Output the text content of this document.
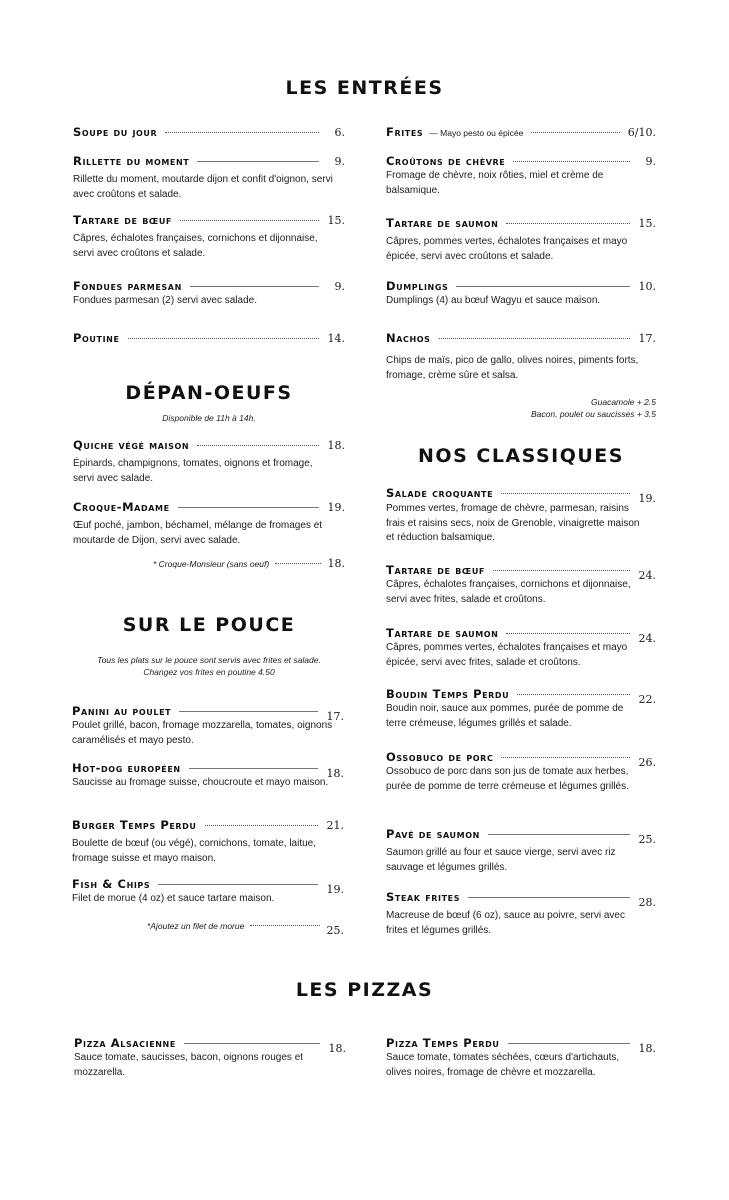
LES ENTRÉES
Soupe du jour	6.
Rillette du moment	9.
Rillette du moment, moutarde dijon et confit d'oignon, servi avec croûtons et salade.
Tartare de bœuf	15.
Câpres, échalotes françaises, cornichons et dijonnaise, servi avec croûtons et salade.
Fondues parmesan	9.
Fondues parmesan (2) servi avec salade.
Poutine	14.
Frites — Mayo pesto ou épicée	6/10.
Croûtons de chèvre	9.
Fromage de chèvre, noix rôties, miel et crème de balsamique.
Tartare de saumon	15.
Câpres, pommes vertes, échalotes françaises et mayo épicée, servi avec croûtons et salade.
Dumplings	10.
Dumplings (4) au bœuf Wagyu et sauce maison.
Nachos	17.
Chips de maïs, pico de gallo, olives noires, piments forts, fromage, crème sûre et salsa.
Guacamole + 2.5
Bacon, poulet ou saucisses + 3.5
DÉPAN-OEUFS
Disponible de 11h à 14h.
Quiche végé maison	18.
Épinards, champignons, tomates, oignons et fromage, servi avec salade.
Croque-Madame	19.
Œuf poché, jambon, béchamel, mélange de fromages et moutarde de Dijon, servi avec salade.
* Croque-Monsieur (sans oeuf)	18.
SUR LE POUCE
Tous les plats sur le pouce sont servis avec frites et salade.
Changez vos frites en poutine 4.50
Panini au poulet	17.
Poulet grillé, bacon, fromage mozzarella, tomates, oignons caramélisés et mayo pesto.
Hot-dog européen	18.
Saucisse au fromage suisse, choucroute et mayo maison.
Burger Temps Perdu	21.
Boulette de bœuf (ou végé), cornichons, tomate, laitue, fromage suisse et mayo maison.
Fish & Chips	19.
Filet de morue (4 oz) et sauce tartare maison.
*Ajoutez un filet de morue	25.
NOS CLASSIQUES
Salade croquante	19.
Pommes vertes, fromage de chèvre, parmesan, raisins frais et raisins secs, noix de Grenoble, vinaigrette maison et réduction balsamique.
Tartare de bœuf	24.
Câpres, échalotes françaises, cornichons et dijonnaise, servi avec frites, salade et croûtons.
Tartare de saumon	24.
Câpres, pommes vertes, échalotes françaises et mayo épicée, servi avec frites, salade et croûtons.
Boudin Temps Perdu	22.
Boudin noir, sauce aux pommes, purée de pomme de terre crémeuse, légumes grillés et salade.
Ossobuco de porc	26.
Ossobuco de porc dans son jus de tomate aux herbes, purée de pomme de terre crémeuse et légumes grillés.
Pavé de saumon	25.
Saumon grillé au four et sauce vierge, servi avec riz sauvage et légumes grillés.
Steak frites	28.
Macreuse de bœuf (6 oz), sauce au poivre, servi avec frites et légumes grillés.
LES PIZZAS
Pizza Alsacienne	18.
Sauce tomate, saucisses, bacon, oignons rouges et mozzarella.
Pizza Temps Perdu	18.
Sauce tomate, tomates séchées, cœurs d'artichauts, olives noires, fromage de chèvre et mozzarella.
